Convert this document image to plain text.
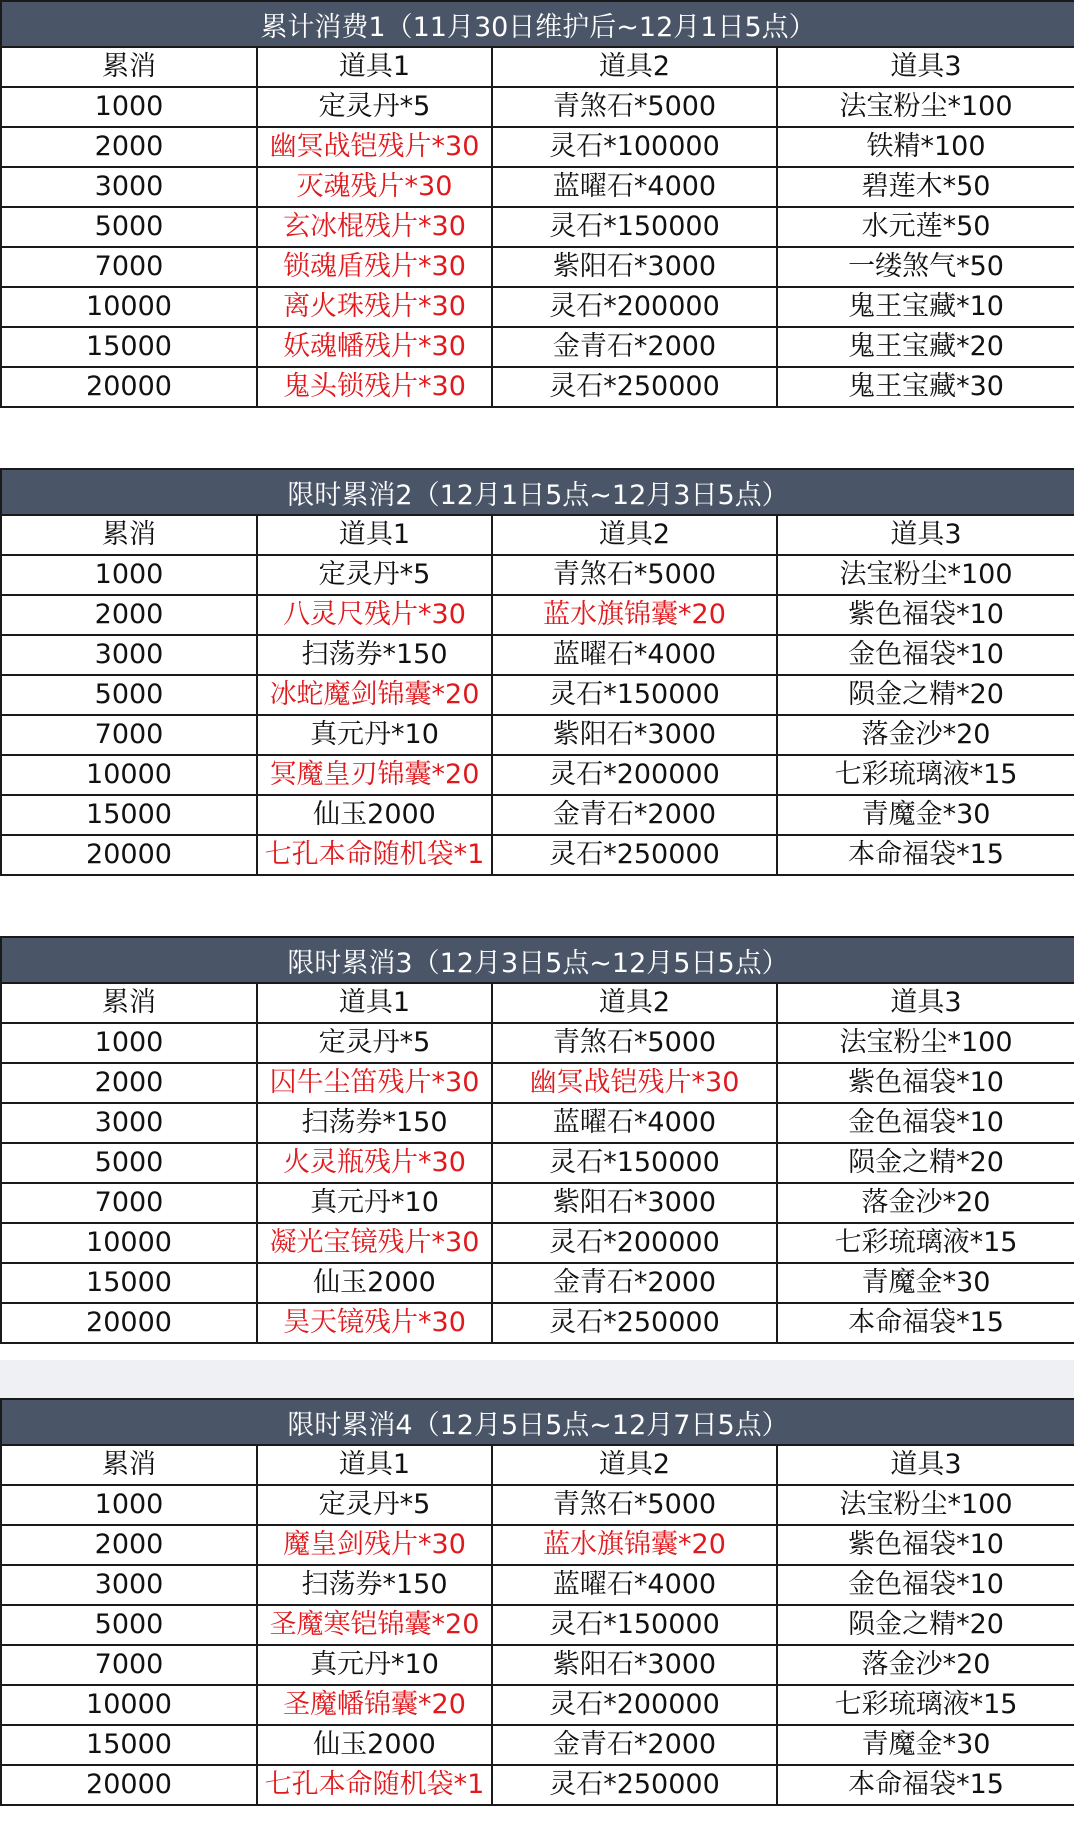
累计消费1（11月30日维护后~12月1日5点）			
累消	道具1	道具2	道具3
1000	定灵丹*5	青煞石*5000	法宝粉尘*100
2000	幽冥战铠残片*30	灵石*100000	铁精*100
3000	灭魂残片*30	蓝曜石*4000	碧莲木*50
5000	玄冰棍残片*30	灵石*150000	水元莲*50
7000	锁魂盾残片*30	紫阳石*3000	一缕煞气*50
10000	离火珠残片*30	灵石*200000	鬼王宝藏*10
15000	妖魂幡残片*30	金青石*2000	鬼王宝藏*20
20000	鬼头锁残片*30	灵石*250000	鬼王宝藏*30
限时累消2（12月1日5点~12月3日5点）			
累消	道具1	道具2	道具3
1000	定灵丹*5	青煞石*5000	法宝粉尘*100
2000	八灵尺残片*30	蓝水旗锦囊*20	紫色福袋*10
3000	扫荡券*150	蓝曜石*4000	金色福袋*10
5000	冰蛇魔剑锦囊*20	灵石*150000	陨金之精*20
7000	真元丹*10	紫阳石*3000	落金沙*20
10000	冥魔皇刃锦囊*20	灵石*200000	七彩琉璃液*15
15000	仙玉2000	金青石*2000	青魔金*30
20000	七孔本命随机袋*1	灵石*250000	本命福袋*15
限时累消3（12月3日5点~12月5日5点）			
累消	道具1	道具2	道具3
1000	定灵丹*5	青煞石*5000	法宝粉尘*100
2000	囚牛尘笛残片*30	幽冥战铠残片*30	紫色福袋*10
3000	扫荡券*150	蓝曜石*4000	金色福袋*10
5000	火灵瓶残片*30	灵石*150000	陨金之精*20
7000	真元丹*10	紫阳石*3000	落金沙*20
10000	凝光宝镜残片*30	灵石*200000	七彩琉璃液*15
15000	仙玉2000	金青石*2000	青魔金*30
20000	昊天镜残片*30	灵石*250000	本命福袋*15
限时累消4（12月5日5点~12月7日5点）			
累消	道具1	道具2	道具3
1000	定灵丹*5	青煞石*5000	法宝粉尘*100
2000	魔皇剑残片*30	蓝水旗锦囊*20	紫色福袋*10
3000	扫荡券*150	蓝曜石*4000	金色福袋*10
5000	圣魔寒铠锦囊*20	灵石*150000	陨金之精*20
7000	真元丹*10	紫阳石*3000	落金沙*20
10000	圣魔幡锦囊*20	灵石*200000	七彩琉璃液*15
15000	仙玉2000	金青石*2000	青魔金*30
20000	七孔本命随机袋*1	灵石*250000	本命福袋*15
